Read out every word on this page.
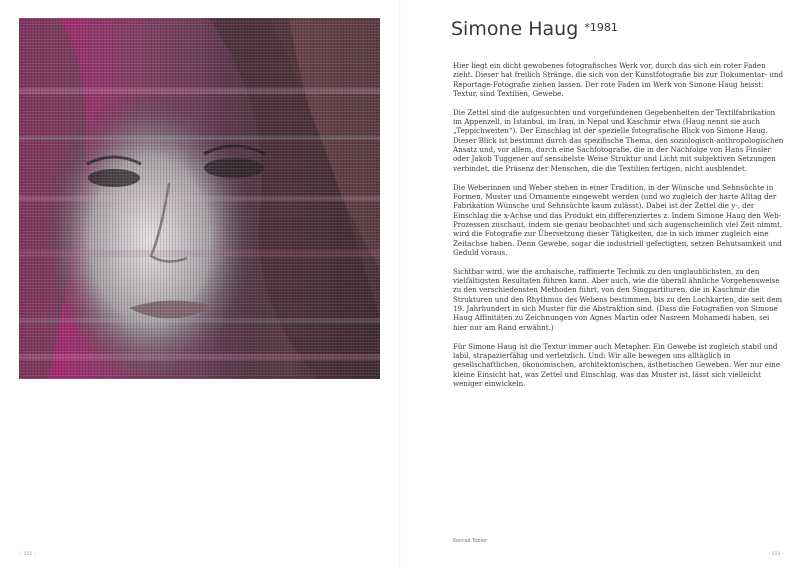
Simone Haug $^{*1981}$

Hier liegt ein dicht gewobenes fotografisches Werk vor, durch das sich ein roter Faden zieht. Dieser hat freilich Stränge, die sich von der Kunstfotografie bis zur Dokumentar- und Reportage-Fotografie ziehen lassen. Der rote Faden im Werk von Simone Haug heisst: Textur, sind Textilien, Gewebe.

Die Zettel sind die aufgesuchten und vorgefundenen Gegebenheiten der Textilfabrikation im Appenzell, in Istanbul, im Iran, in Nepal und Kaschmir etwa (Haug nennt sie auch „Teppichweiten“). Der Einschlag ist der spezielle fotografische Blick von Simone Haug. Dieser Blick ist bestimmt durch das spezifische Thema, den soziologisch-anthropologischen Ansatz und, vor allem, durch eine Sachfotografie, die in der Nachfolge von Hans Finsler oder Jakob Tuggener auf sensibelste Weise Struktur und Licht mit subjektiven Setzungen verbindet, die Präsenz der Menschen, die die Textilien fertigen, nicht ausblendet.

Die Weberinnen und Weber stehen in einer Tradition, in der Wünsche und Sehnsüchte in Formen, Muster und Ornamente eingewebt werden (und wo zugleich der harte Alltag der Fabrikation Wünsche und Sehnsüchte kaum zulässt). Dabei ist der Zettel die y-, der Einschlag die x-Achse und das Produkt ein differenziertes z. Indem Simone Haug den Web-Prozessen zuschaut, indem sie genau beobachtet und sich augenscheinlich viel Zeit nimmt, wird die Fotografie zur Übersetzung dieser Tätigkeiten, die in sich immer zugleich eine Zeitachse haben. Denn Gewebe, sogar die industriell gefertigten, setzen Behutsamkeit und Geduld voraus.

Sichtbar wird, wie die archaische, raffinierte Technik zu den unglaublichsten, zu den vielfältigsten Resultaten führen kann. Aber auch, wie die überall ähnliche Vorgehensweise zu den verschiedensten Methoden führt, von den Singpartituren, die in Kaschmir die Strukturen und den Rhythmus des Webens bestimmen, bis zu den Lochkarten, die seit dem 19. Jahrhundert in sich Muster für die Abstraktion sind. (Dass die Fotografien von Simone Haug Affinitäten zu Zeichnungen von Agnes Martin oder Nasreen Mohamedi haben, sei hier nur am Rand erwähnt.)

Für Simone Haug ist die Textur immer auch Metapher. Ein Gewebe ist zugleich stabil und labil, strapazierfähig und verletzlich. Und: Wir alle bewegen uns alltäglich in gesellschaftlichen, ökonomischen, architektonischen, ästhetischen Geweben. Wer nur eine kleine Einsicht hat, was Zettel und Einschlag, was das Muster ist, lässt sich vielleicht weniger einwickeln.

Konrad Tobler
– 212 –	– 213 –
